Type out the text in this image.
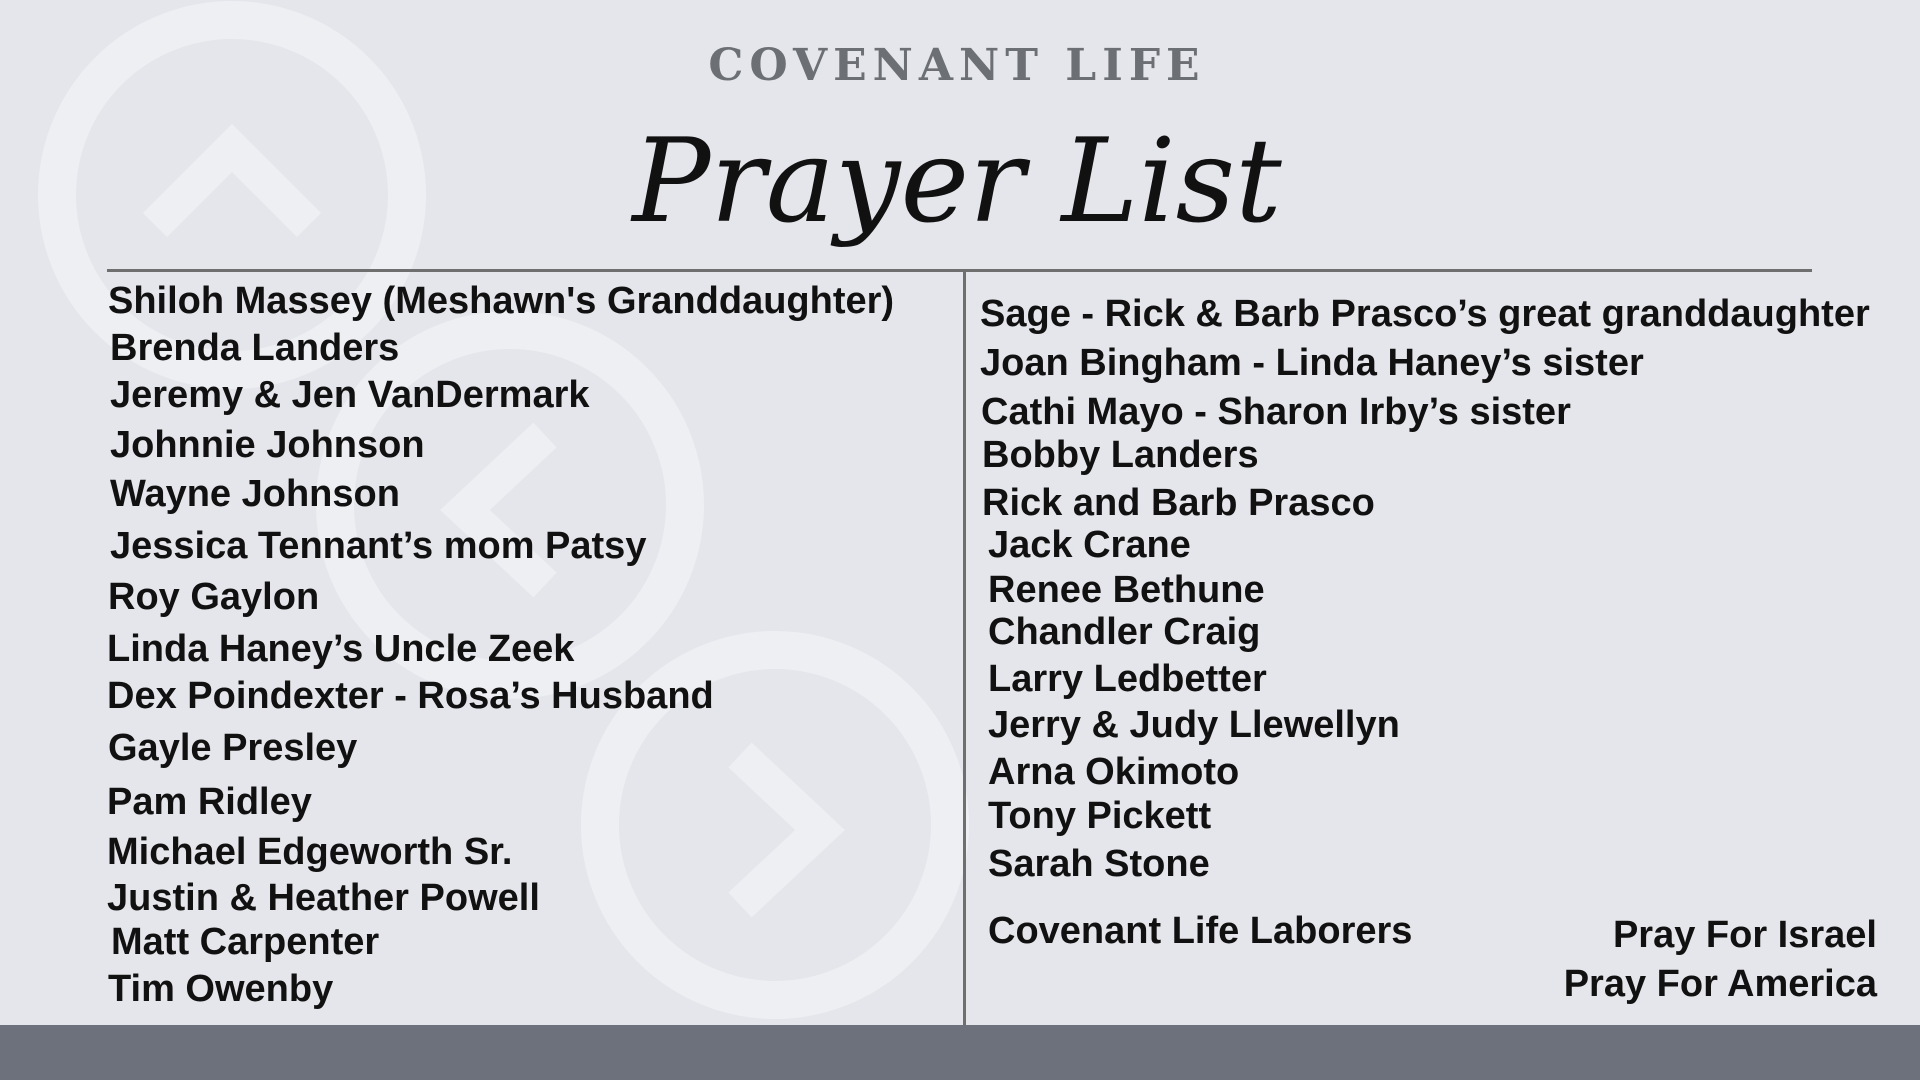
COVENANT LIFE
Prayer List
Shiloh Massey (Meshawn's Granddaughter)
Brenda Landers
Jeremy & Jen VanDermark
Johnnie Johnson
Wayne Johnson
Jessica Tennant’s mom Patsy
Roy Gaylon
Linda Haney’s Uncle Zeek
Dex Poindexter - Rosa’s Husband
Gayle Presley
Pam Ridley
Michael Edgeworth Sr.
Justin & Heather Powell
Matt Carpenter
Tim Owenby
Sage - Rick & Barb Prasco’s great granddaughter
Joan Bingham - Linda Haney’s sister
Cathi Mayo - Sharon Irby’s sister
Bobby Landers
Rick and Barb Prasco
Jack Crane
Renee Bethune
Chandler Craig
Larry Ledbetter
Jerry & Judy Llewellyn
Arna Okimoto
Tony Pickett
Sarah Stone
Covenant Life Laborers	Pray For Israel
Pray For America
